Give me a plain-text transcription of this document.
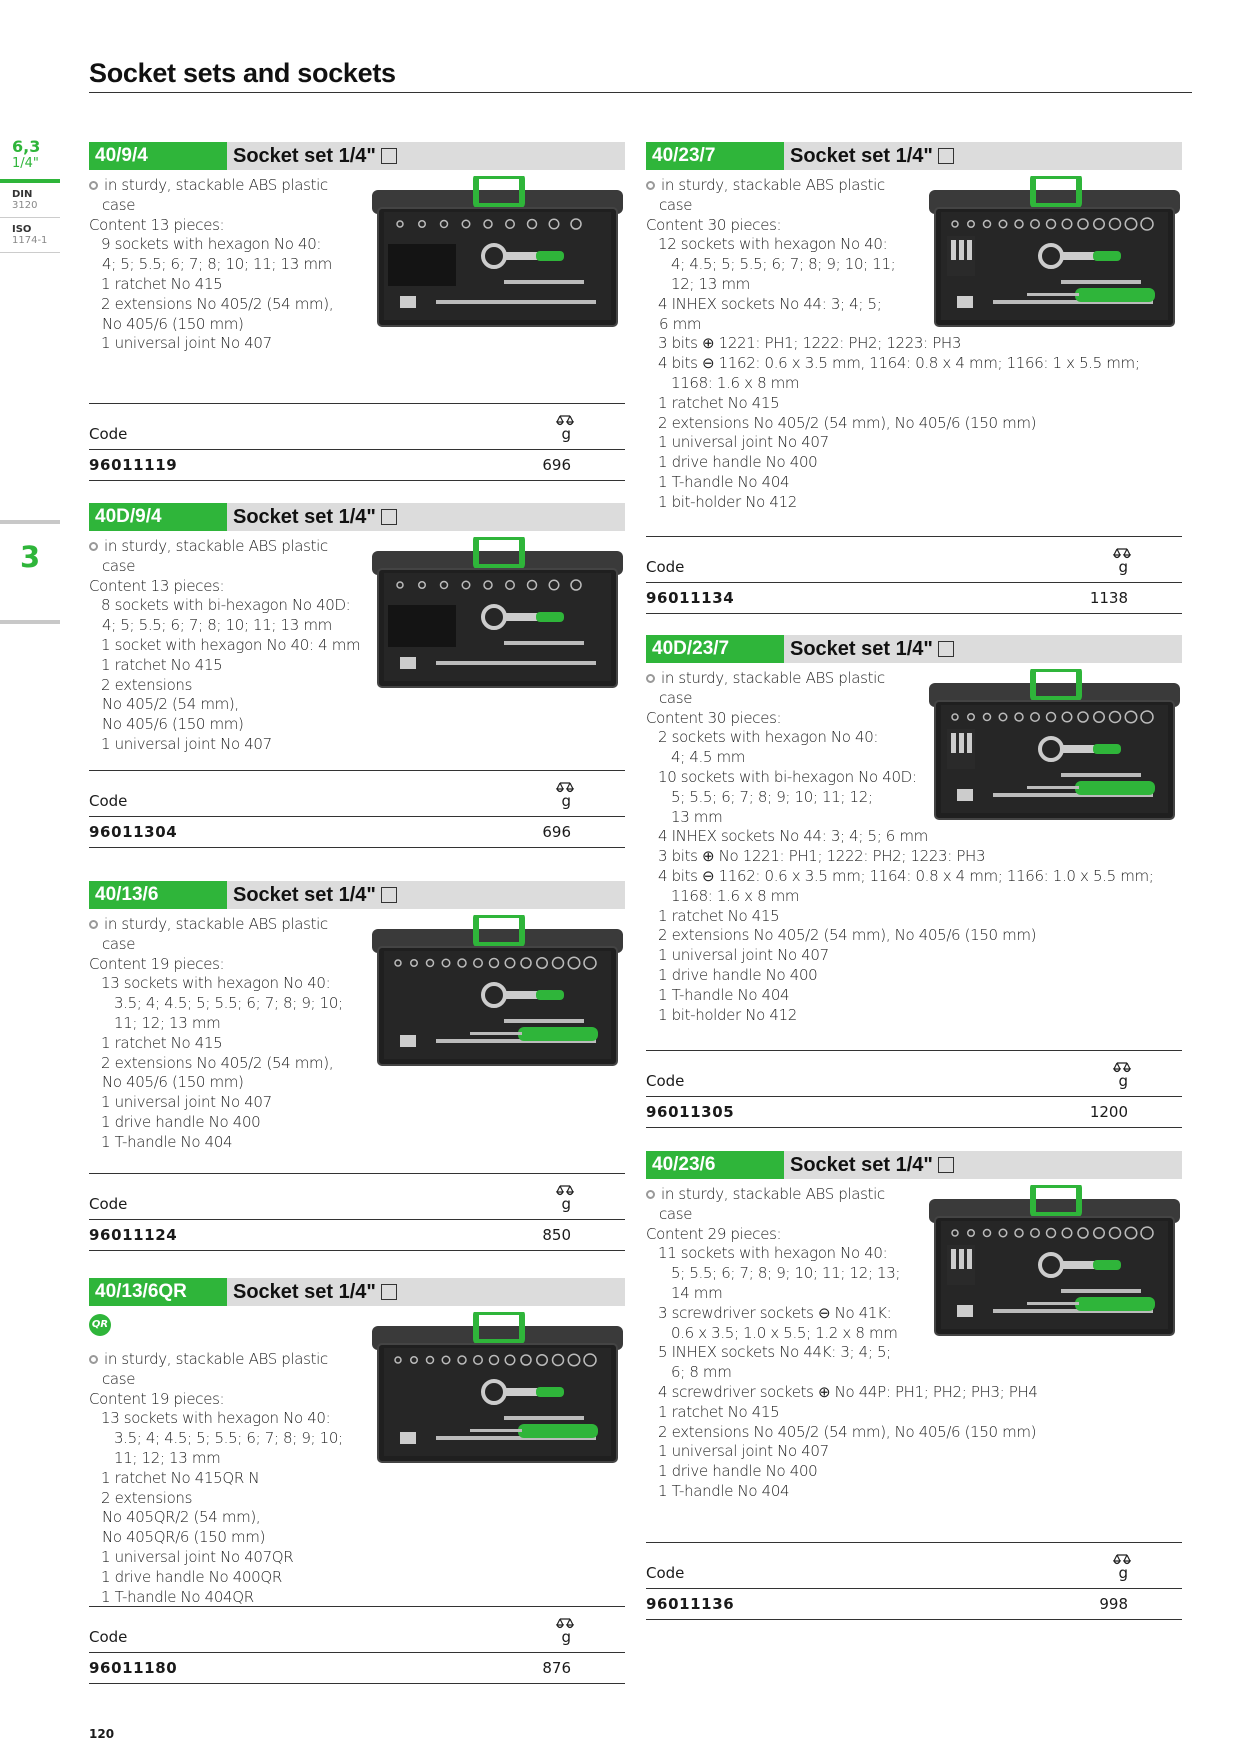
Socket sets and sockets
6,3
1/4"
DIN
3120
ISO
1174-1
3
40/9/4	Socket set 1/4"
in sturdy, stackable ABS plastic
case
Content 13 pieces:
9 sockets with hexagon No 40:
4; 5; 5.5; 6; 7; 8; 10; 11; 13 mm
1 ratchet No 415
2 extensions No 405/2 (54 mm),
No 405/6 (150 mm)
1 universal joint No 407
Code	g
96011119	696
40D/9/4	Socket set 1/4"
in sturdy, stackable ABS plastic
case
Content 13 pieces:
8 sockets with bi-hexagon No 40D:
4; 5; 5.5; 6; 7; 8; 10; 11; 13 mm
1 socket with hexagon No 40: 4 mm
1 ratchet No 415
2 extensions
No 405/2 (54 mm),
No 405/6 (150 mm)
1 universal joint No 407
Code	g
96011304	696
40/13/6	Socket set 1/4"
in sturdy, stackable ABS plastic
case
Content 19 pieces:
13 sockets with hexagon No 40:
3.5; 4; 4.5; 5; 5.5; 6; 7; 8; 9; 10;
11; 12; 13 mm
1 ratchet No 415
2 extensions No 405/2 (54 mm),
No 405/6 (150 mm)
1 universal joint No 407
1 drive handle No 400
1 T-handle No 404
Code	g
96011124	850
40/13/6QR	Socket set 1/4"
QR
in sturdy, stackable ABS plastic
case
Content 19 pieces:
13 sockets with hexagon No 40:
3.5; 4; 4.5; 5; 5.5; 6; 7; 8; 9; 10;
11; 12; 13 mm
1 ratchet No 415QR N
2 extensions
No 405QR/2 (54 mm),
No 405QR/6 (150 mm)
1 universal joint No 407QR
1 drive handle No 400QR
1 T-handle No 404QR
Code	g
96011180	876
40/23/7	Socket set 1/4"
in sturdy, stackable ABS plastic
case
Content 30 pieces:
12 sockets with hexagon No 40:
4; 4.5; 5; 5.5; 6; 7; 8; 9; 10; 11;
12; 13 mm
4 INHEX sockets No 44: 3; 4; 5;
6 mm
3 bits ⊕ 1221: PH1; 1222: PH2; 1223: PH3
4 bits ⊖ 1162: 0.6 x 3.5 mm, 1164: 0.8 x 4 mm; 1166: 1 x 5.5 mm;
1168: 1.6 x 8 mm
1 ratchet No 415
2 extensions No 405/2 (54 mm), No 405/6 (150 mm)
1 universal joint No 407
1 drive handle No 400
1 T-handle No 404
1 bit-holder No 412
Code	g
96011134	1138
40D/23/7	Socket set 1/4"
in sturdy, stackable ABS plastic
case
Content 30 pieces:
2 sockets with hexagon No 40:
4; 4.5 mm
10 sockets with bi-hexagon No 40D:
5; 5.5; 6; 7; 8; 9; 10; 11; 12;
13 mm
4 INHEX sockets No 44: 3; 4; 5; 6 mm
3 bits ⊕ No 1221: PH1; 1222: PH2; 1223: PH3
4 bits ⊖ 1162: 0.6 x 3.5 mm; 1164: 0.8 x 4 mm; 1166: 1.0 x 5.5 mm;
1168: 1.6 x 8 mm
1 ratchet No 415
2 extensions No 405/2 (54 mm), No 405/6 (150 mm)
1 universal joint No 407
1 drive handle No 400
1 T-handle No 404
1 bit-holder No 412
Code	g
96011305	1200
40/23/6	Socket set 1/4"
in sturdy, stackable ABS plastic
case
Content 29 pieces:
11 sockets with hexagon No 40:
5; 5.5; 6; 7; 8; 9; 10; 11; 12; 13;
14 mm
3 screwdriver sockets ⊖ No 41K:
0.6 x 3.5; 1.0 x 5.5; 1.2 x 8 mm
5 INHEX sockets No 44K: 3; 4; 5;
6; 8 mm
4 screwdriver sockets ⊕ No 44P: PH1; PH2; PH3; PH4
1 ratchet No 415
2 extensions No 405/2 (54 mm), No 405/6 (150 mm)
1 universal joint No 407
1 drive handle No 400
1 T-handle No 404
Code	g
96011136	998
120
